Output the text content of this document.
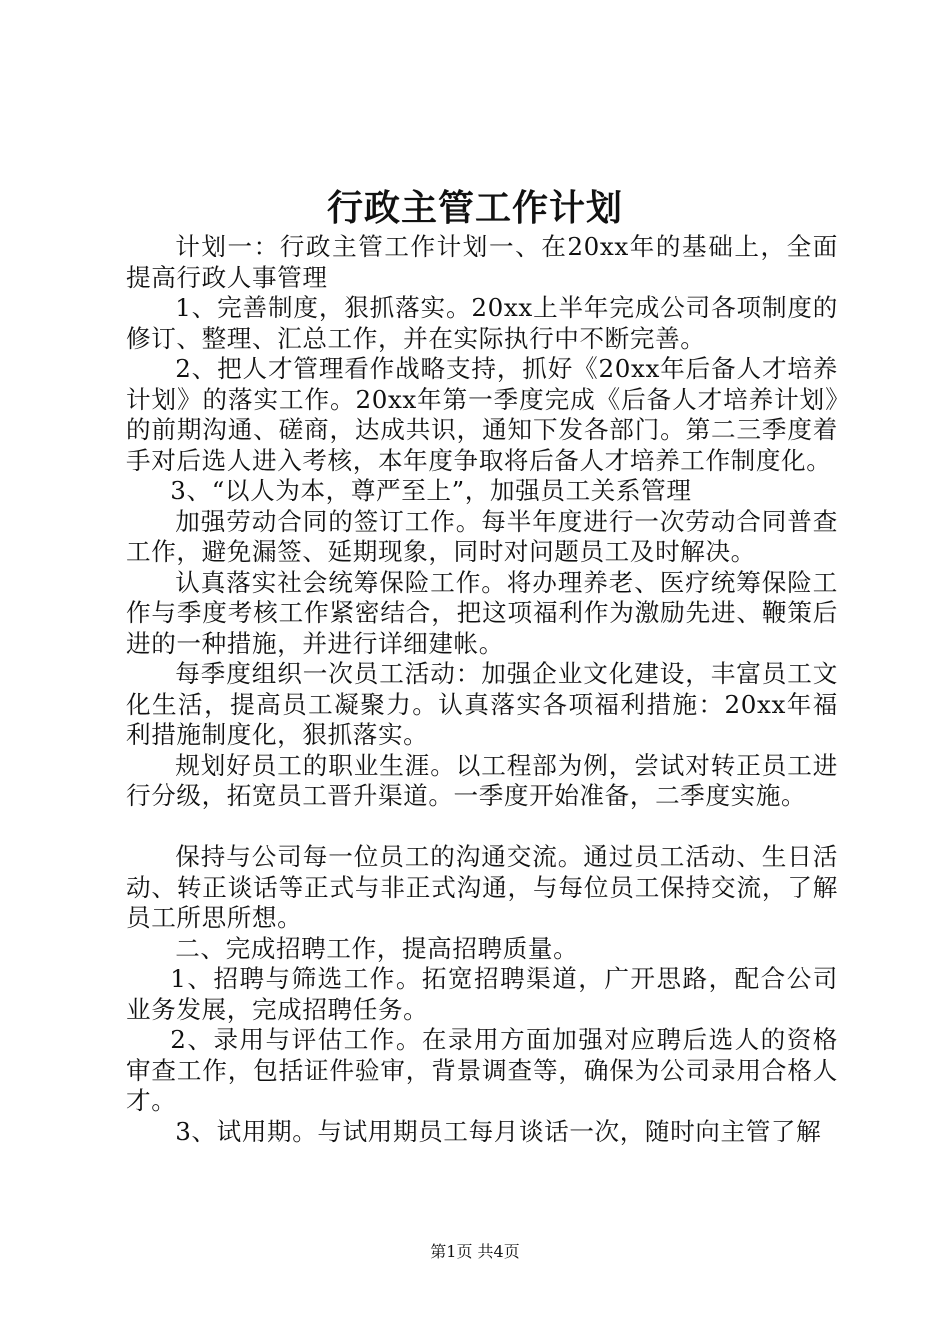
行政主管工作计划

计划一：行政主管工作计划一、在20xx年的基础上，全面提高行政人事管理

1、完善制度，狠抓落实。20xx上半年完成公司各项制度的修订、整理、汇总工作，并在实际执行中不断完善。

2、把人才管理看作战略支持，抓好《20xx年后备人才培养计划》的落实工作。20xx年第一季度完成《后备人才培养计划》的前期沟通、磋商，达成共识，通知下发各部门。第二三季度着手对后选人进入考核，本年度争取将后备人才培养工作制度化。

3、“以人为本，尊严至上”，加强员工关系管理

加强劳动合同的签订工作。每半年度进行一次劳动合同普查工作，避免漏签、延期现象，同时对问题员工及时解决。

认真落实社会统筹保险工作。将办理养老、医疗统筹保险工作与季度考核工作紧密结合，把这项福利作为激励先进、鞭策后进的一种措施，并进行详细建帐。

每季度组织一次员工活动：加强企业文化建设，丰富员工文化生活，提高员工凝聚力。认真落实各项福利措施：20xx年福利措施制度化，狠抓落实。

规划好员工的职业生涯。以工程部为例，尝试对转正员工进行分级，拓宽员工晋升渠道。一季度开始准备，二季度实施。

保持与公司每一位员工的沟通交流。通过员工活动、生日活动、转正谈话等正式与非正式沟通，与每位员工保持交流，了解员工所思所想。

二、完成招聘工作，提高招聘质量。

1、招聘与筛选工作。拓宽招聘渠道，广开思路，配合公司业务发展，完成招聘任务。

2、录用与评估工作。在录用方面加强对应聘后选人的资格审查工作，包括证件验审，背景调查等，确保为公司录用合格人才。

3、试用期。与试用期员工每月谈话一次，随时向主管了解

第1页 共4页
